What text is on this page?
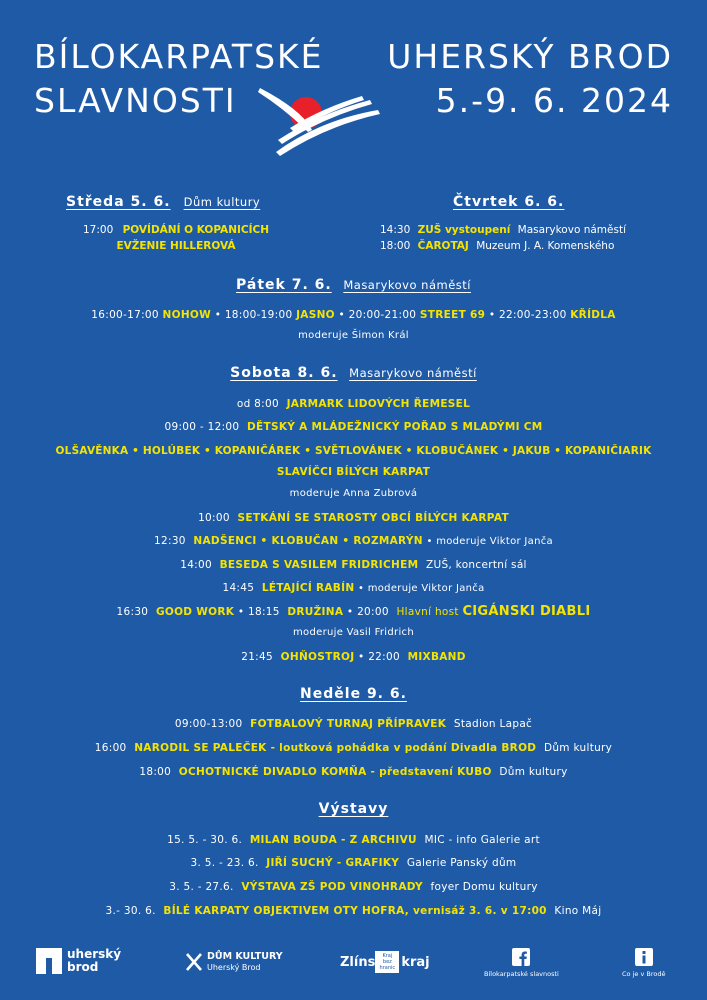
BÍLOKARPATSKÉ
SLAVNOSTI
UHERSKÝ BROD
5.-9. 6. 2024
Středa 5. 6. Dům kultury
17:00 POVÍDÁNÍ O KOPANICÍCH
EVŽENIE HILLEROVÁ
Čtvrtek 6. 6.
14:30 ZUŠ vystoupení Masarykovo náměstí
18:00 ČAROTAJ Muzeum J. A. Komenského
Pátek 7. 6. Masarykovo náměstí
16:00-17:00 NOHOW • 18:00-19:00 JASNO • 20:00-21:00 STREET 69 • 22:00-23:00 KŘÍDLA
moderuje Šimon Král
Sobota 8. 6. Masarykovo náměstí
od 8:00 JARMARK LIDOVÝCH ŘEMESEL
09:00 - 12:00 DĚTSKÝ A MLÁDEŽNICKÝ POŘAD S MLADÝMI CM
OLŠAVĚNKA • HOLÚBEK • KOPANIČÁREK • SVĚTLOVÁNEK • KLOBUČÁNEK • JAKUB • KOPANIČIARIK
SLAVÍČCI BÍLÝCH KARPAT
moderuje Anna Zubrová
10:00 SETKÁNÍ SE STAROSTY OBCÍ BÍLÝCH KARPAT
12:30 NADŠENCI • KLOBUČAN • ROZMARÝN • moderuje Viktor Janča
14:00 BESEDA S VASILEM FRIDRICHEM ZUŠ, koncertní sál
14:45 LÉTAJÍCÍ RABÍN • moderuje Viktor Janča
16:30 GOOD WORK • 18:15 DRUŽINA • 20:00 Hlavní host CIGÁNSKI DIABLI
moderuje Vasil Fridrich
21:45 OHŇOSTROJ • 22:00 MIXBAND
Neděle 9. 6.
09:00-13:00 FOTBALOVÝ TURNAJ PŘÍPRAVEK Stadion Lapač
16:00 NARODIL SE PALEČEK - loutková pohádka v podání Divadla BROD Dům kultury
18:00 OCHOTNICKÉ DIVADLO KOMŇA - představení KUBO Dům kultury
Výstavy
15. 5. - 30. 6. MILAN BOUDA - Z ARCHIVU MIC - info Galerie art
3. 5. - 23. 6. JIŘÍ SUCHÝ - GRAFIKY Galerie Panský dům
3. 5. - 27.6. VÝSTAVA ZŠ POD VINOHRADY foyer Domu kultury
3.- 30. 6. BÍLÉ KARPATY OBJEKTIVEM OTY HOFRA, vernisáž 3. 6. v 17:00 Kino Máj
uherský
brod
DŮM KULTURY
Uherský Brod	Zlíns	Kraj bez hranic kraj
Bílokarpatské slavnosti	Co je v Brodě
